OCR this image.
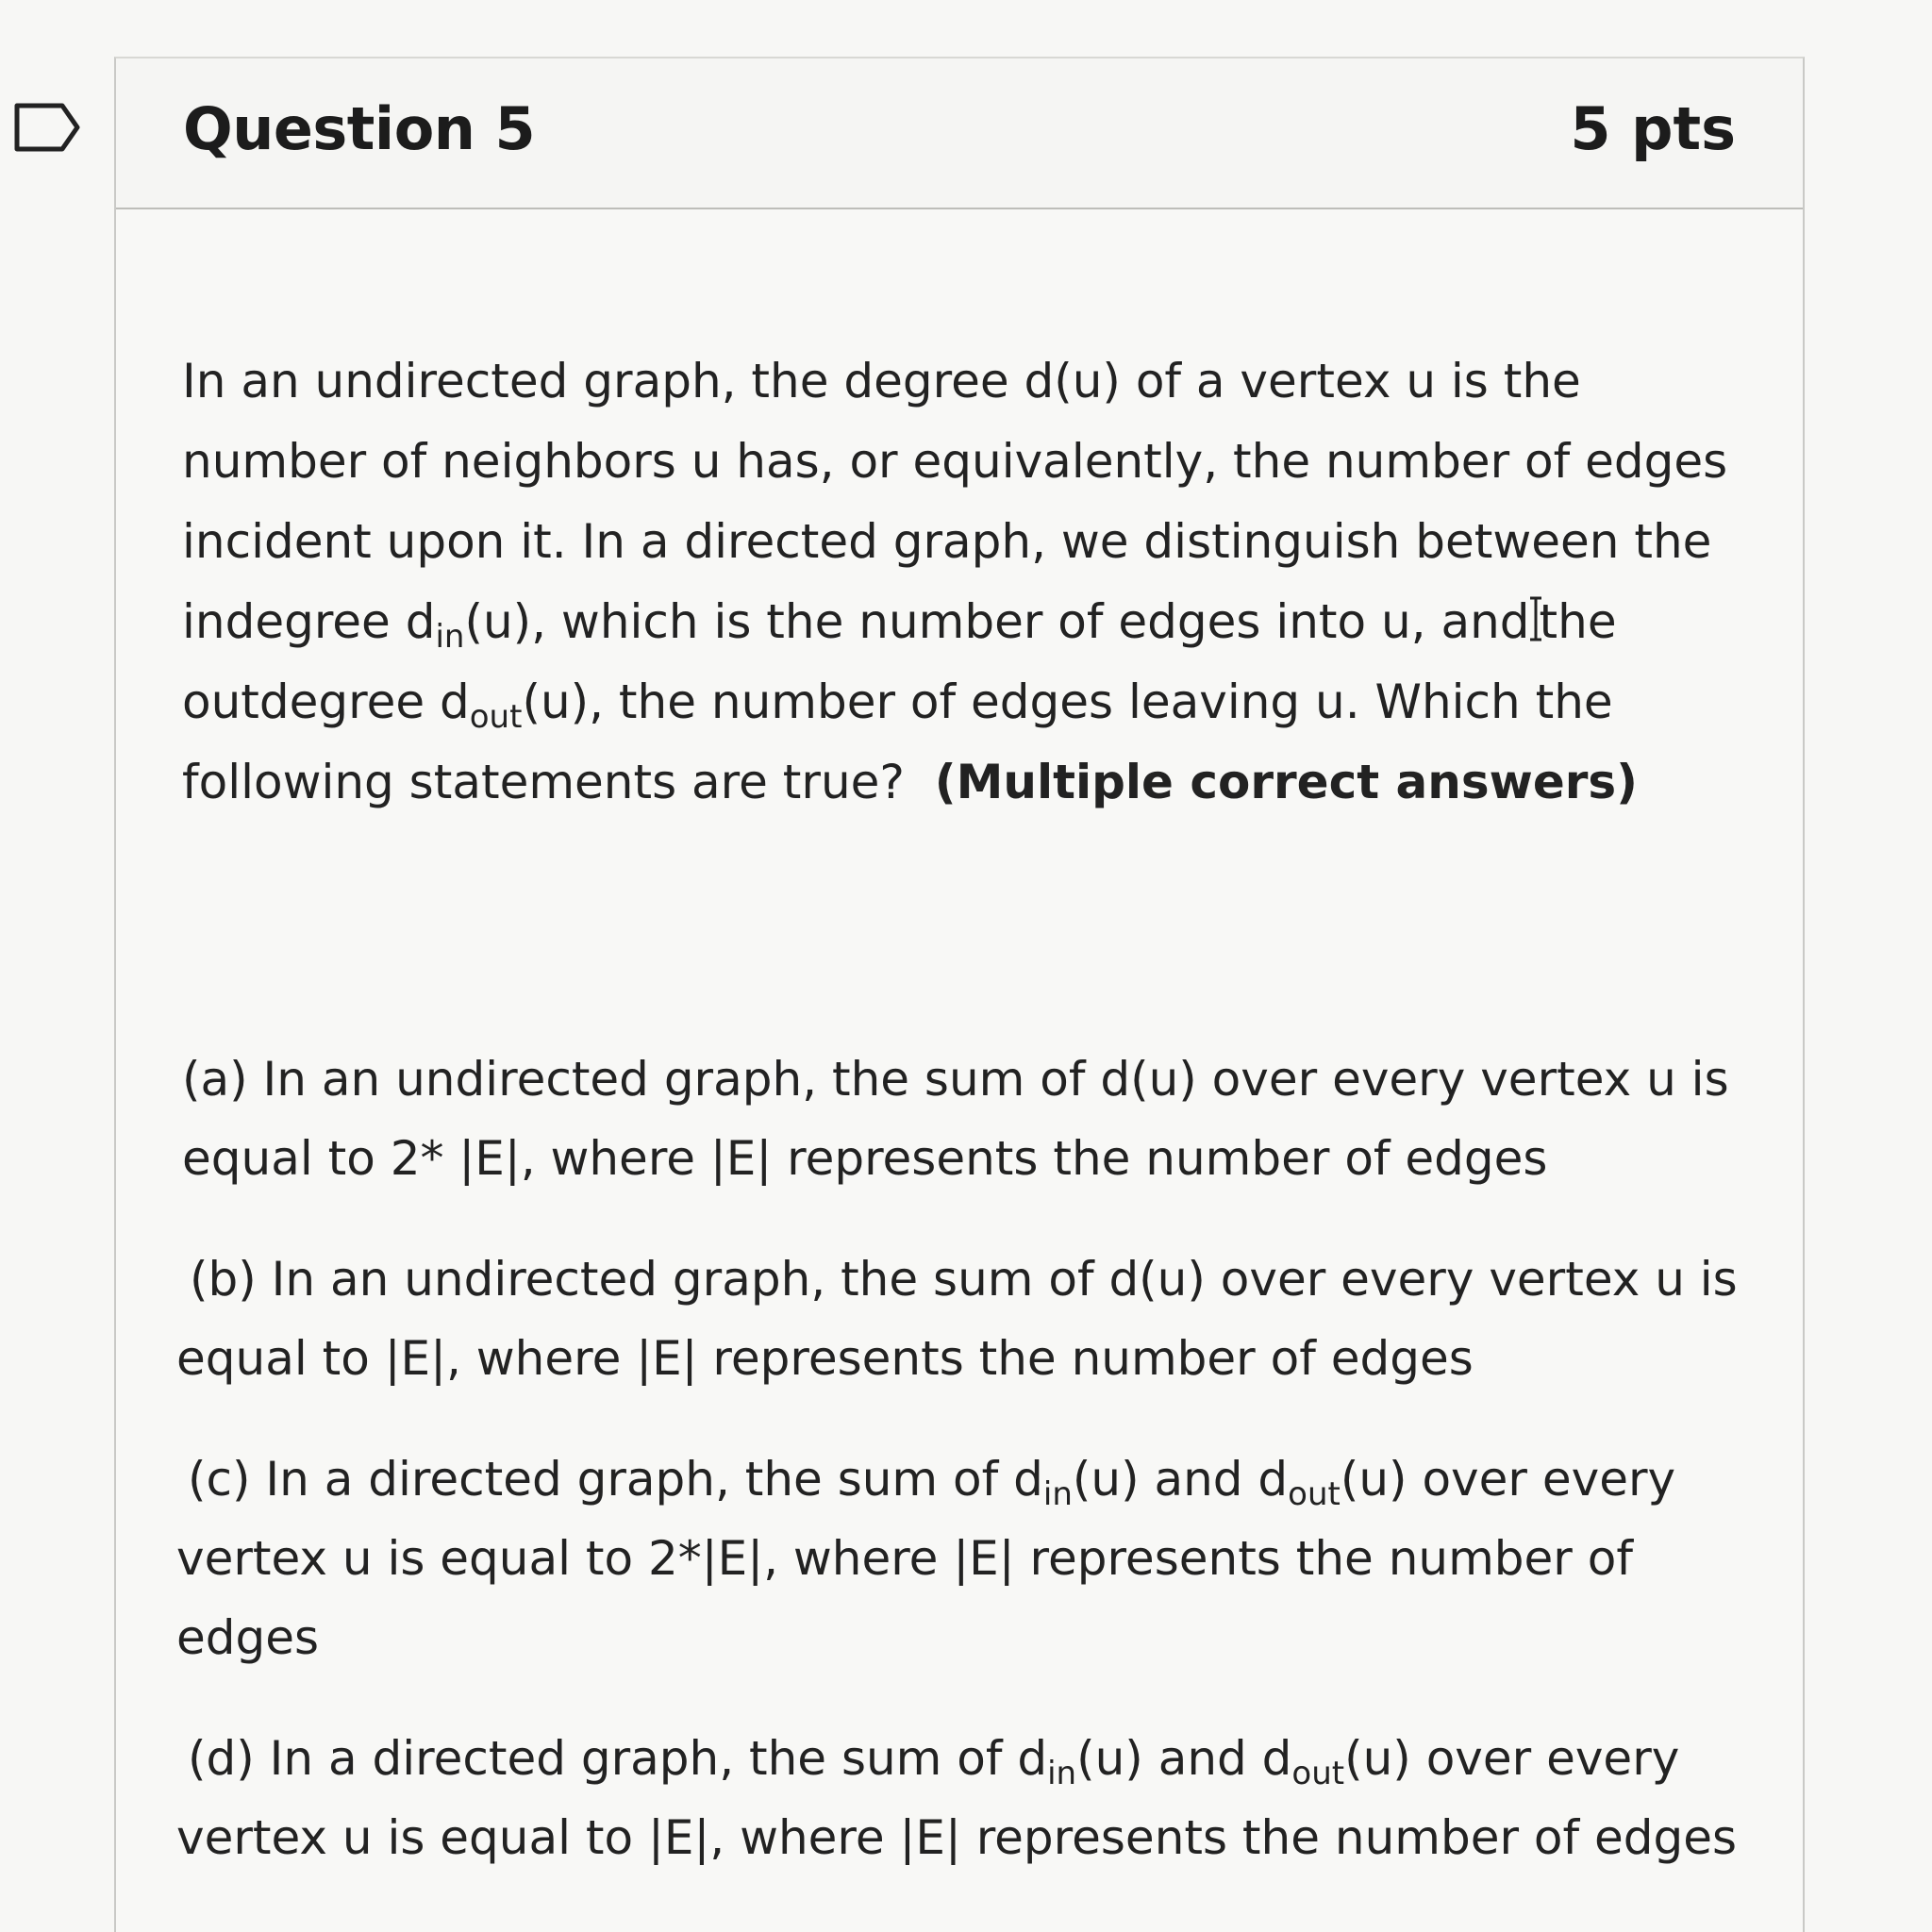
Question 5	5 pts
In an undirected graph, the degree d(u) of a vertex u is the
number of neighbors u has, or equivalently, the number of edges
incident upon it. In a directed graph, we distinguish between the
indegree $d_{in}(u)$, which is the number of edges into u, and the
outdegree $d_{out}(u)$, the number of edges leaving u. Which the
following statements are true? (Multiple correct answers)
(a) In an undirected graph, the sum of d(u) over every vertex u is
equal to 2* |E|, where |E| represents the number of edges
(b) In an undirected graph, the sum of d(u) over every vertex u is
equal to |E|, where |E| represents the number of edges
(c) In a directed graph, the sum of $d_{in}(u)$ and $d_{out}(u)$ over every
vertex u is equal to 2*|E|, where |E| represents the number of
edges
(d) In a directed graph, the sum of $d_{in}(u)$ and $d_{out}(u)$ over every
vertex u is equal to |E|, where |E| represents the number of edges
